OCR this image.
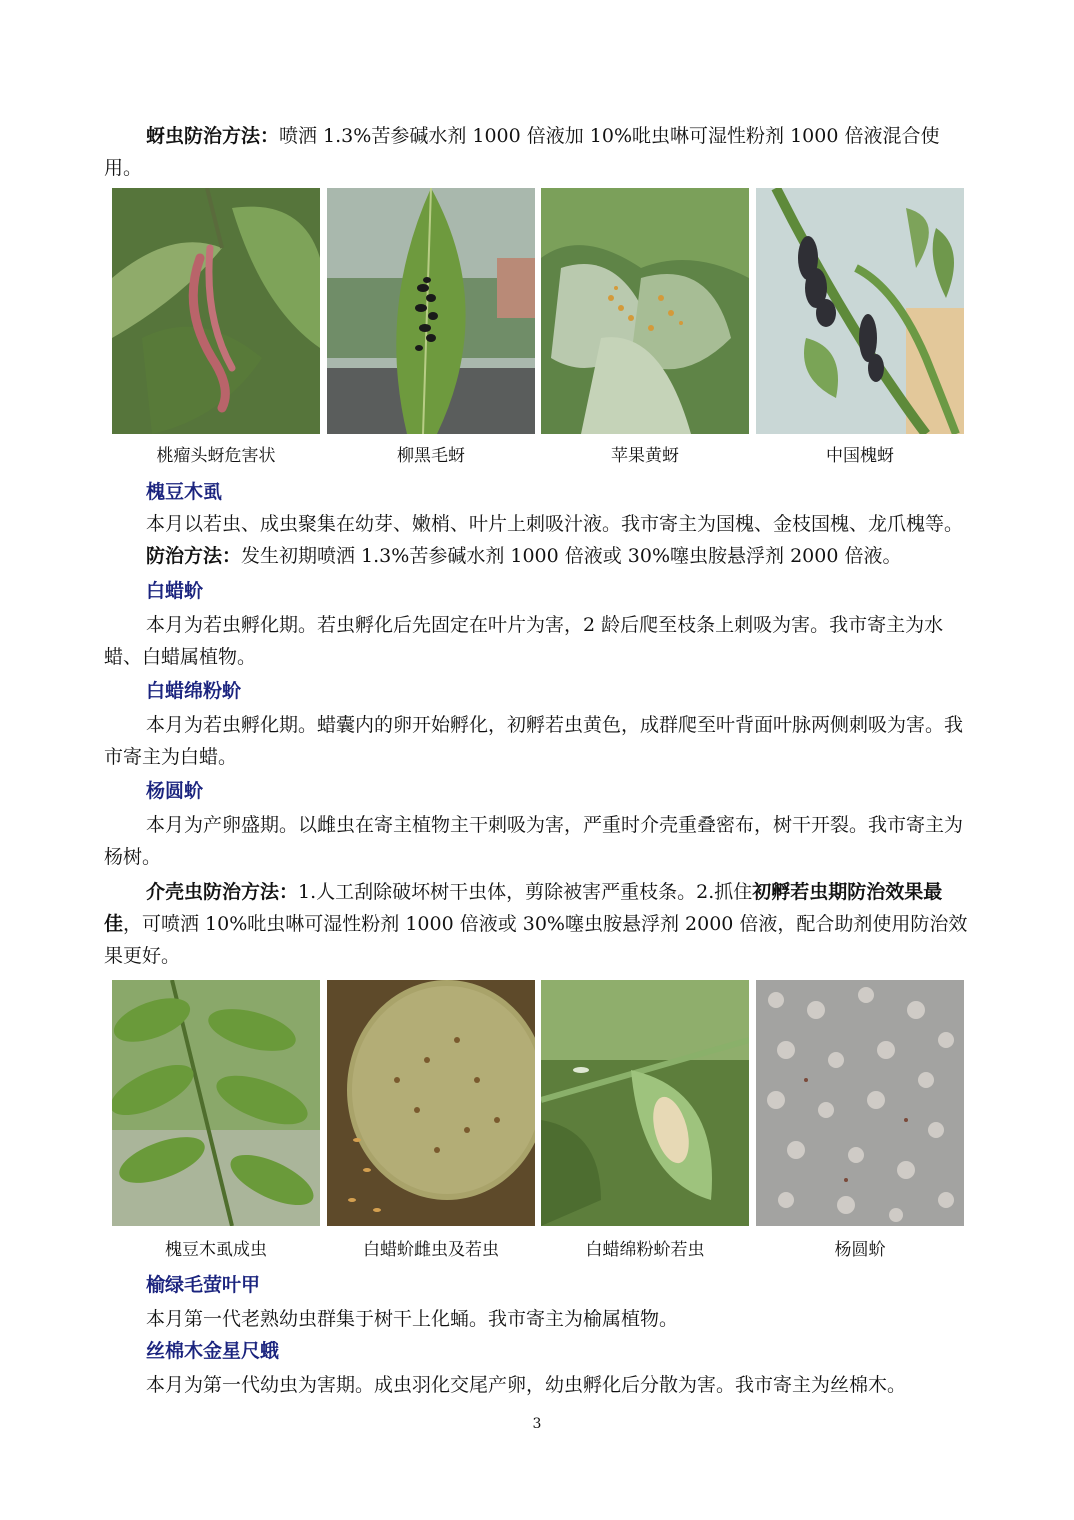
蚜虫防治方法：喷洒 1.3%苦参碱水剂 1000 倍液加 10%吡虫啉可湿性粉剂 1000 倍液混合使用。

桃瘤头蚜危害状	柳黑毛蚜	苹果黄蚜	中国槐蚜

槐豆木虱

本月以若虫、成虫聚集在幼芽、嫩梢、叶片上刺吸汁液。我市寄主为国槐、金枝国槐、龙爪槐等。

防治方法：发生初期喷洒 1.3%苦参碱水剂 1000 倍液或 30%噻虫胺悬浮剂 2000 倍液。

白蜡蚧

本月为若虫孵化期。若虫孵化后先固定在叶片为害，2 龄后爬至枝条上刺吸为害。我市寄主为水蜡、白蜡属植物。

白蜡绵粉蚧

本月为若虫孵化期。蜡囊内的卵开始孵化，初孵若虫黄色，成群爬至叶背面叶脉两侧刺吸为害。我市寄主为白蜡。

杨圆蚧

本月为产卵盛期。以雌虫在寄主植物主干刺吸为害，严重时介壳重叠密布，树干开裂。我市寄主为杨树。

介壳虫防治方法：1.人工刮除破坏树干虫体，剪除被害严重枝条。2.抓住初孵若虫期防治效果最佳，可喷洒 10%吡虫啉可湿性粉剂 1000 倍液或 30%噻虫胺悬浮剂 2000 倍液，配合助剂使用防治效果更好。

槐豆木虱成虫	白蜡蚧雌虫及若虫	白蜡绵粉蚧若虫	杨圆蚧

榆绿毛萤叶甲

本月第一代老熟幼虫群集于树干上化蛹。我市寄主为榆属植物。

丝棉木金星尺蛾

本月为第一代幼虫为害期。成虫羽化交尾产卵，幼虫孵化后分散为害。我市寄主为丝棉木。

3
